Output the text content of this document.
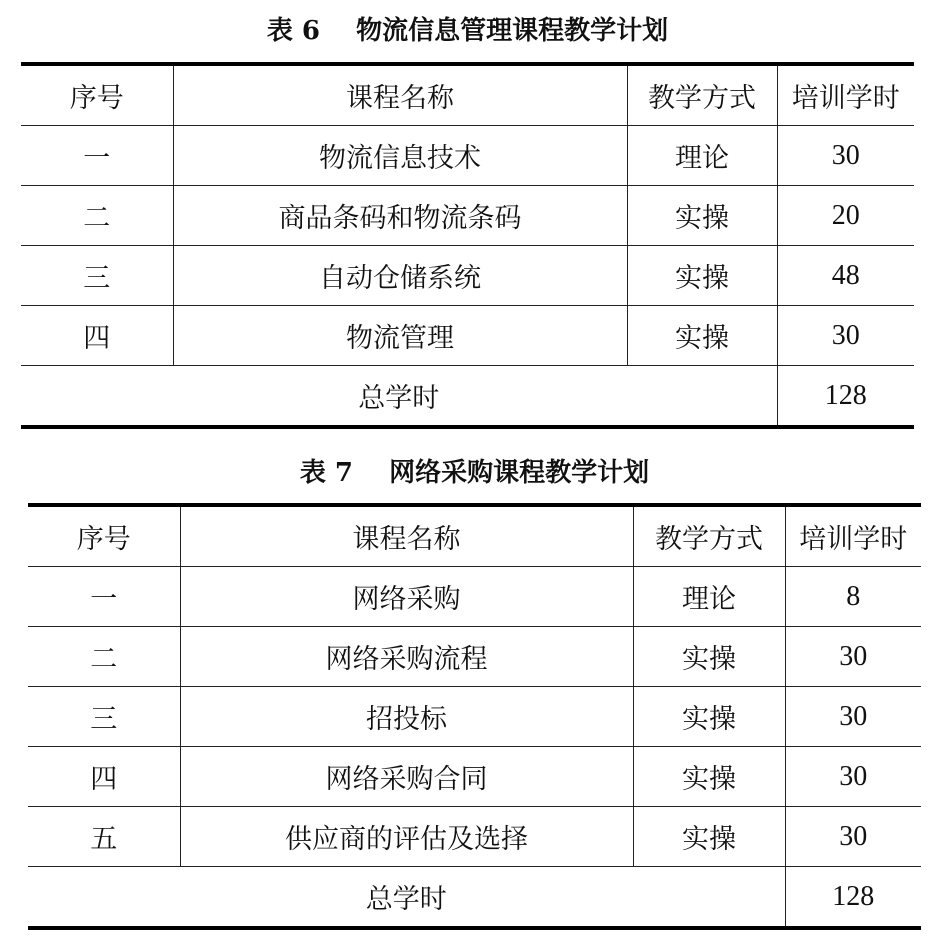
表 6    物流信息管理课程教学计划
序号	课程名称	教学方式	培训学时
一	物流信息技术	理论	30
二	商品条码和物流条码	实操	20
三	自动仓储系统	实操	48
四	物流管理	实操	30
总学时			128
表 7    网络采购课程教学计划
序号	课程名称	教学方式	培训学时
一	网络采购	理论	8
二	网络采购流程	实操	30
三	招投标	实操	30
四	网络采购合同	实操	30
五	供应商的评估及选择	实操	30
总学时			128
